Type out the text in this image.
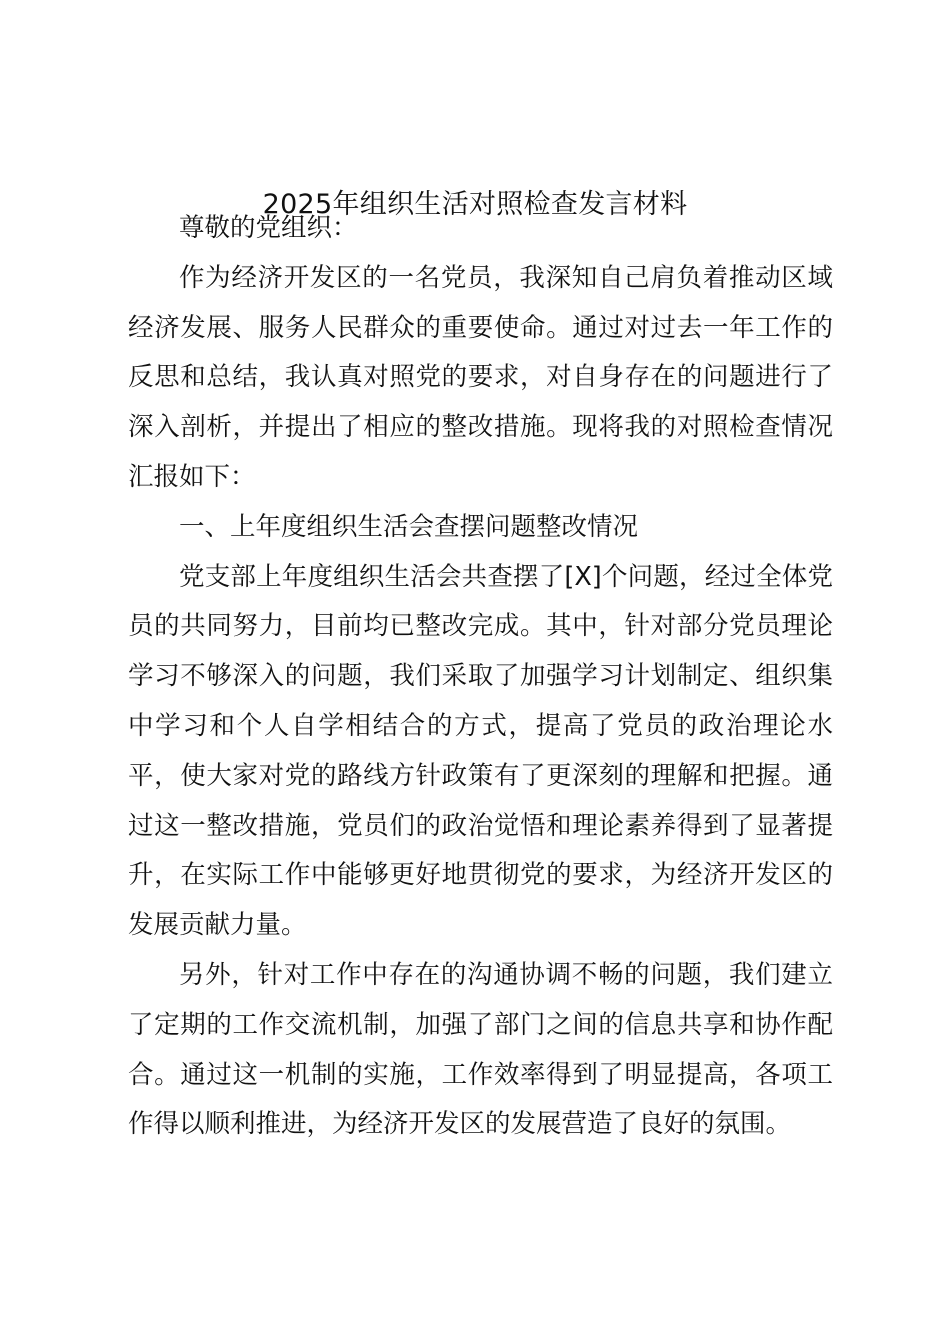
2025年组织生活对照检查发言材料

尊敬的党组织：

作为经济开发区的一名党员，我深知自己肩负着推动区域经济发展、服务人民群众的重要使命。通过对过去一年工作的反思和总结，我认真对照党的要求，对自身存在的问题进行了深入剖析，并提出了相应的整改措施。现将我的对照检查情况汇报如下：

一、上年度组织生活会查摆问题整改情况

党支部上年度组织生活会共查摆了[X]个问题，经过全体党员的共同努力，目前均已整改完成。其中，针对部分党员理论学习不够深入的问题，我们采取了加强学习计划制定、组织集中学习和个人自学相结合的方式，提高了党员的政治理论水平，使大家对党的路线方针政策有了更深刻的理解和把握。通过这一整改措施，党员们的政治觉悟和理论素养得到了显著提升，在实际工作中能够更好地贯彻党的要求，为经济开发区的发展贡献力量。

另外，针对工作中存在的沟通协调不畅的问题，我们建立了定期的工作交流机制，加强了部门之间的信息共享和协作配合。通过这一机制的实施，工作效率得到了明显提高，各项工作得以顺利推进，为经济开发区的发展营造了良好的氛围。
